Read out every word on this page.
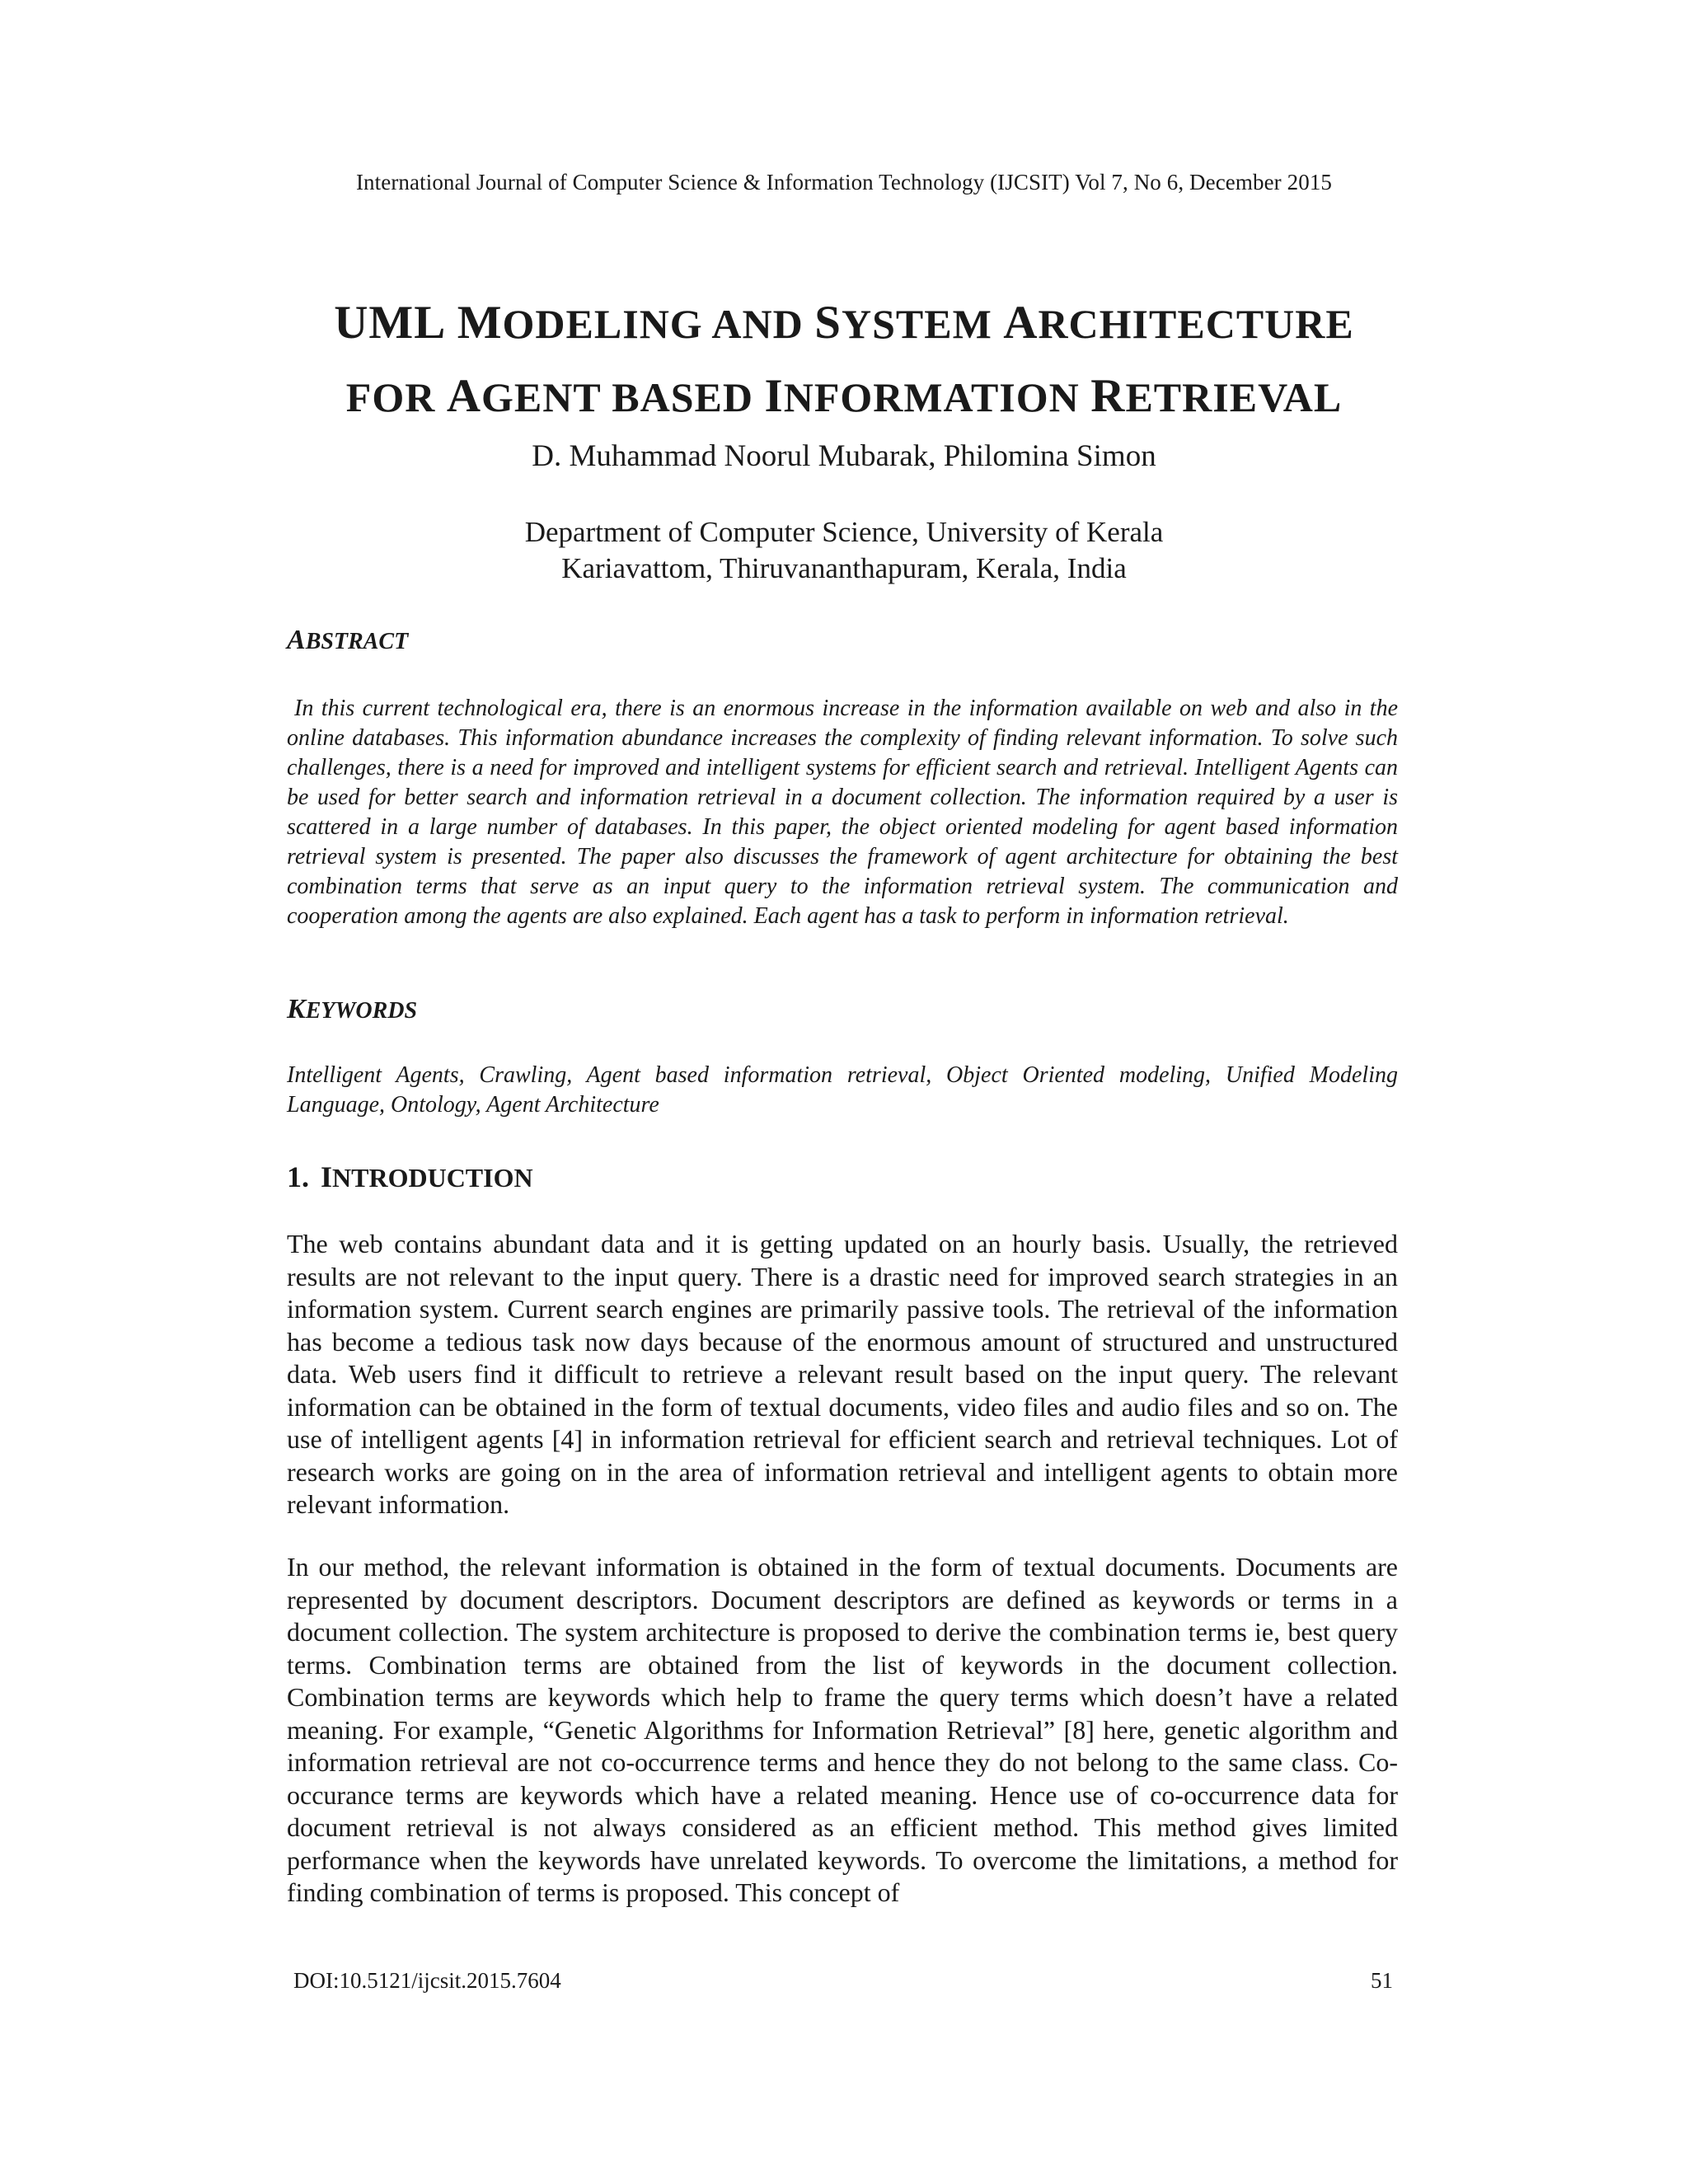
International Journal of Computer Science & Information Technology (IJCSIT) Vol 7, No 6, December 2015
UML MODELING AND SYSTEM ARCHITECTURE
FOR AGENT BASED INFORMATION RETRIEVAL
D. Muhammad Noorul Mubarak, Philomina Simon
Department of Computer Science, University of Kerala
Kariavattom, Thiruvananthapuram, Kerala, India
ABSTRACT

In this current technological era, there is an enormous increase in the information available on web and also in the online databases. This information abundance increases the complexity of finding relevant information. To solve such challenges, there is a need for improved and intelligent systems for efficient search and retrieval. Intelligent Agents can be used for better search and information retrieval in a document collection. The information required by a user is scattered in a large number of databases. In this paper, the object oriented modeling for agent based information retrieval system is presented. The paper also discusses the framework of agent architecture for obtaining the best combination terms that serve as an input query to the information retrieval system. The communication and cooperation among the agents are also explained. Each agent has a task to perform in information retrieval.

KEYWORDS

Intelligent Agents, Crawling, Agent based information retrieval, Object Oriented modeling, Unified Modeling Language, Ontology, Agent Architecture

1. INTRODUCTION

The web contains abundant data and it is getting updated on an hourly basis. Usually, the retrieved results are not relevant to the input query. There is a drastic need for improved search strategies in an information system. Current search engines are primarily passive tools. The retrieval of the information has become a tedious task now days because of the enormous amount of structured and unstructured data. Web users find it difficult to retrieve a relevant result based on the input query. The relevant information can be obtained in the form of textual documents, video files and audio files and so on. The use of intelligent agents [4] in information retrieval for efficient search and retrieval techniques. Lot of research works are going on in the area of information retrieval and intelligent agents to obtain more relevant information.

In our method, the relevant information is obtained in the form of textual documents. Documents are represented by document descriptors. Document descriptors are defined as keywords or terms in a document collection. The system architecture is proposed to derive the combination terms ie, best query terms. Combination terms are obtained from the list of keywords in the document collection. Combination terms are keywords which help to frame the query terms which doesn’t have a related meaning. For example, “Genetic Algorithms for Information Retrieval” [8] here, genetic algorithm and information retrieval are not co-occurrence terms and hence they do not belong to the same class. Co-occurance terms are keywords which have a related meaning. Hence use of co-occurrence data for document retrieval is not always considered as an efficient method. This method gives limited performance when the keywords have unrelated keywords. To overcome the limitations, a method for finding combination of terms is proposed. This concept of

DOI:10.5121/ijcsit.2015.7604	51
